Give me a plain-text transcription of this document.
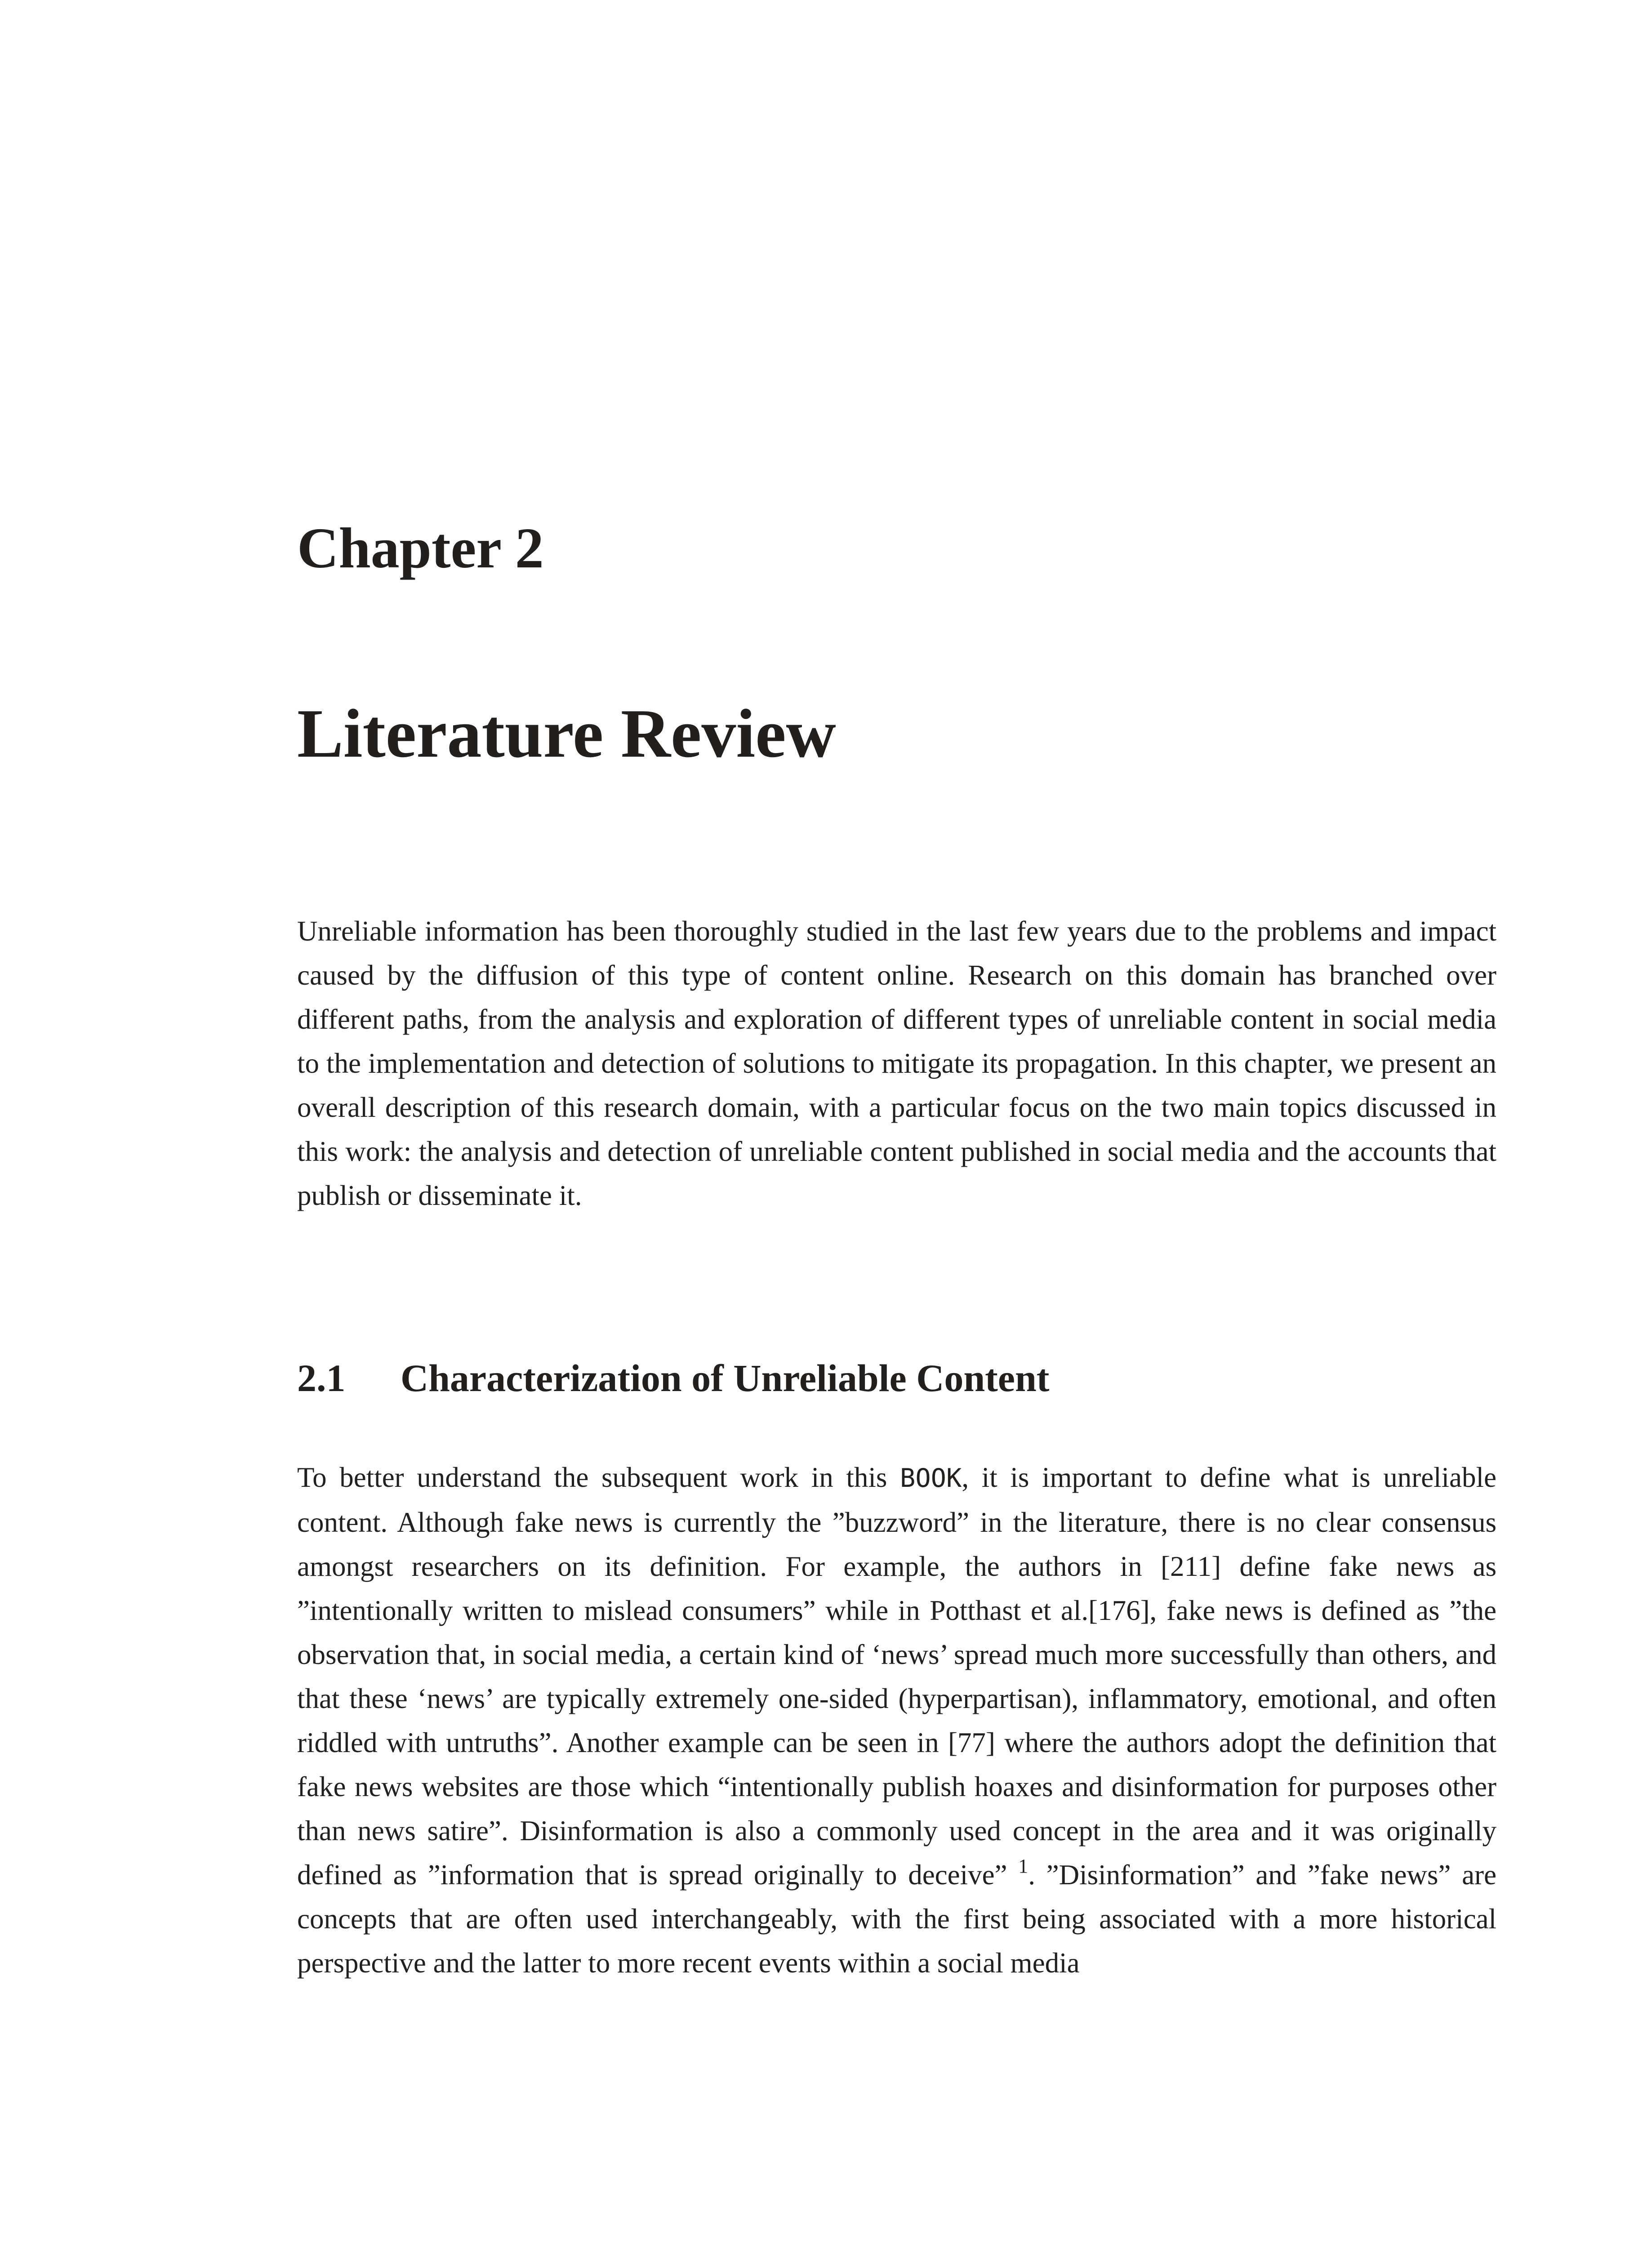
Chapter 2
Literature Review

Unreliable information has been thoroughly studied in the last few years due to the problems and impact caused by the diffusion of this type of content online. Research on this domain has branched over different paths, from the analysis and exploration of different types of unreliable content in social media to the implementation and detection of solutions to mitigate its propagation. In this chapter, we present an overall description of this research domain, with a particular focus on the two main topics discussed in this work: the analysis and detection of unreliable content published in social media and the accounts that publish or disseminate it.

2.1 Characterization of Unreliable Content

To better understand the subsequent work in this BOOK, it is important to define what is unreliable content. Although fake news is currently the ”buzzword” in the literature, there is no clear consensus amongst researchers on its definition. For example, the authors in [211] define fake news as ”intentionally written to mislead consumers” while in Potthast et al.[176], fake news is defined as ”the observation that, in social media, a certain kind of ‘news’ spread much more successfully than others, and that these ‘news’ are typically extremely one-sided (hyperpartisan), inflammatory, emotional, and often riddled with untruths”. Another example can be seen in [77] where the authors adopt the definition that fake news websites are those which “intentionally publish hoaxes and disinformation for purposes other than news satire”. Disinformation is also a commonly used concept in the area and it was originally defined as ”information that is spread originally to deceive” $^1$. ”Disinformation” and ”fake news” are concepts that are often used interchangeably, with the first being associated with a more historical perspective and the latter to more recent events within a social media
